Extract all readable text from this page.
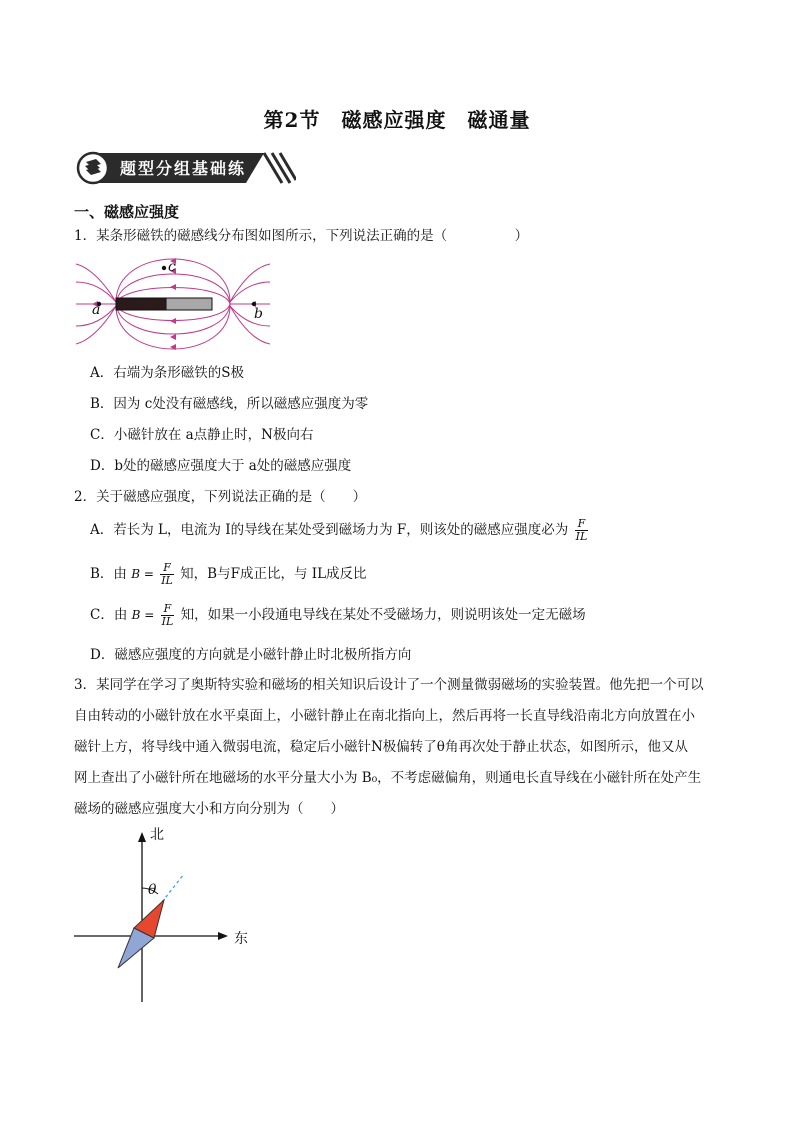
第2节　磁感应强度　磁通量
题型分组基础练
一、磁感应强度
1．某条形磁铁的磁感线分布图如图所示，下列说法正确的是（　　　　　）
a	b
c
A．右端为条形磁铁的S极
B．因为 c处没有磁感线，所以磁感应强度为零
C．小磁针放在 a点静止时，N极向右
D．b处的磁感应强度大于 a处的磁感应强度
2．关于磁感应强度，下列说法正确的是（　　）
A．若长为 L，电流为 I的导线在某处受到磁场力为 F，则该处的磁感应强度必为 $\frac{F}{IL}$
B．由 $B = \frac{F}{IL}$ 知，B与F成正比，与 IL成反比
C．由 $B = \frac{F}{IL}$ 知，如果一小段通电导线在某处不受磁场力，则说明该处一定无磁场
D．磁感应强度的方向就是小磁针静止时北极所指方向
3．某同学在学习了奥斯特实验和磁场的相关知识后设计了一个测量微弱磁场的实验装置。他先把一个可以
自由转动的小磁针放在水平桌面上，小磁针静止在南北指向上，然后再将一长直导线沿南北方向放置在小
磁针上方，将导线中通入微弱电流，稳定后小磁针N极偏转了θ角再次处于静止状态，如图所示，他又从
网上查出了小磁针所在地磁场的水平分量大小为 B₀，不考虑磁偏角，则通电长直导线在小磁针所在处产生
磁场的磁感应强度大小和方向分别为（　　）
北
东
θ
